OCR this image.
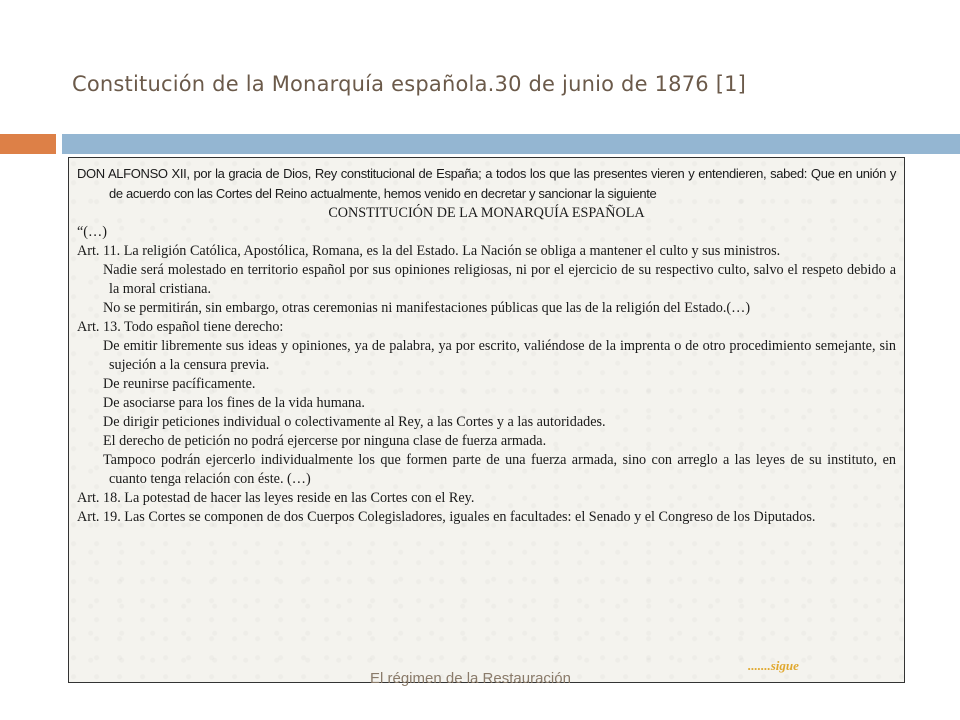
Constitución de la Monarquía española.30 de junio de 1876 [1]

DON ALFONSO XII, por la gracia de Dios, Rey constitucional de España; a todos los que las presentes vieren y entendieren, sabed: Que en unión y de acuerdo con las Cortes del Reino actualmente, hemos venido en decretar y sancionar la siguiente

CONSTITUCIÓN DE LA MONARQUÍA ESPAÑOLA

“(…)

Art. 11. La religión Católica, Apostólica, Romana, es la del Estado. La Nación se obliga a mantener el culto y sus ministros.

Nadie será molestado en territorio español por sus opiniones religiosas, ni por el ejercicio de su respectivo culto, salvo el respeto debido a la moral cristiana.

No se permitirán, sin embargo, otras ceremonias ni manifestaciones públicas que las de la religión del Estado.(…)

Art. 13. Todo español tiene derecho:

De emitir libremente sus ideas y opiniones, ya de palabra, ya por escrito, valiéndose de la imprenta o de otro procedimiento semejante, sin sujeción a la censura previa.

De reunirse pacíficamente.

De asociarse para los fines de la vida humana.

De dirigir peticiones individual o colectivamente al Rey, a las Cortes y a las autoridades.

El derecho de petición no podrá ejercerse por ninguna clase de fuerza armada.

Tampoco podrán ejercerlo individualmente los que formen parte de una fuerza armada, sino con arreglo a las leyes de su instituto, en cuanto tenga relación con éste. (…)

Art. 18. La potestad de hacer las leyes reside en las Cortes con el Rey.

Art. 19. Las Cortes se componen de dos Cuerpos Colegisladores, iguales en facultades: el Senado y el Congreso de los Diputados.

.......sigue
El régimen de la Restauración
